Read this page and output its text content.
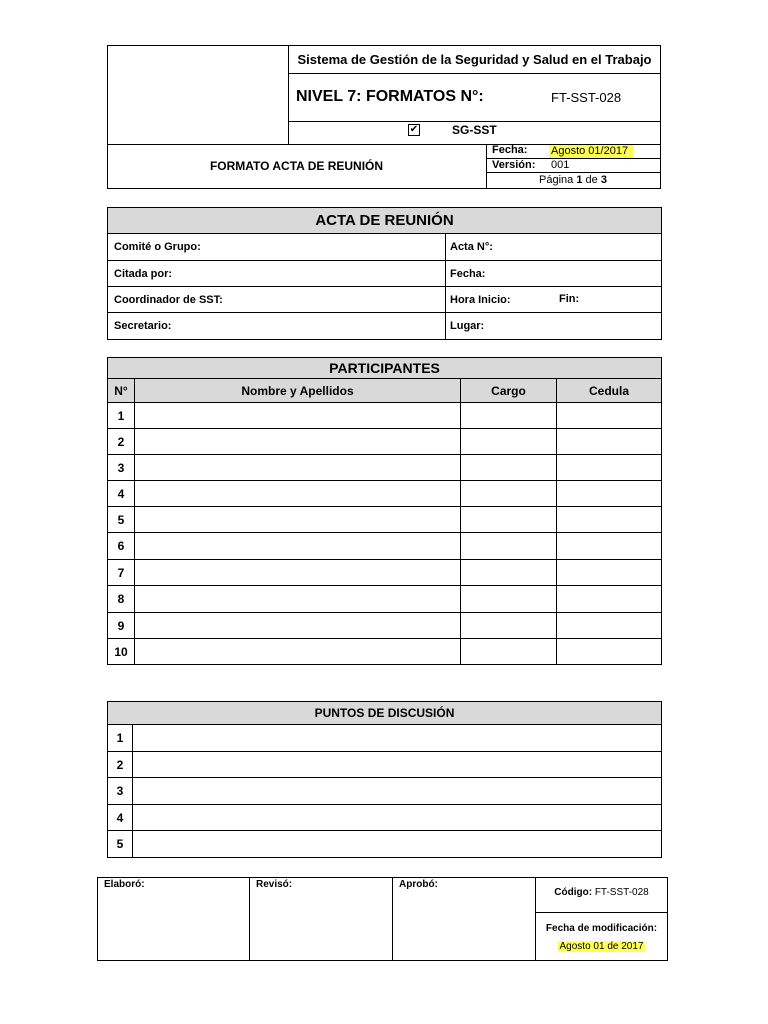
Sistema de Gestión de la Seguridad y Salud en el Trabajo
NIVEL 7: FORMATOS N°:	FT-SST-028
✔	SG-SST
FORMATO ACTA DE REUNIÓN
Fecha: Agosto 01/2017
Versión: 001
Página 1 de 3
ACTA DE REUNIÓN	
Comité o Grupo:	Acta N°:
Citada por:	Fecha:
Coordinador de SST:	Hora Inicio: Fin:

Secretario:	Lugar:
PARTICIPANTES			
N°	Nombre y Apellidos	Cargo	Cedula
1			
2			
3			
4			
5			
6			
7			
8			
9			
10			
PUNTOS DE DISCUSIÓN	
1	
2	
3	
4	
5	
Elaboró:	Revisó:	Aprobó:
Código: FT-SST-028
Fecha de modificación:
Agosto 01 de 2017
